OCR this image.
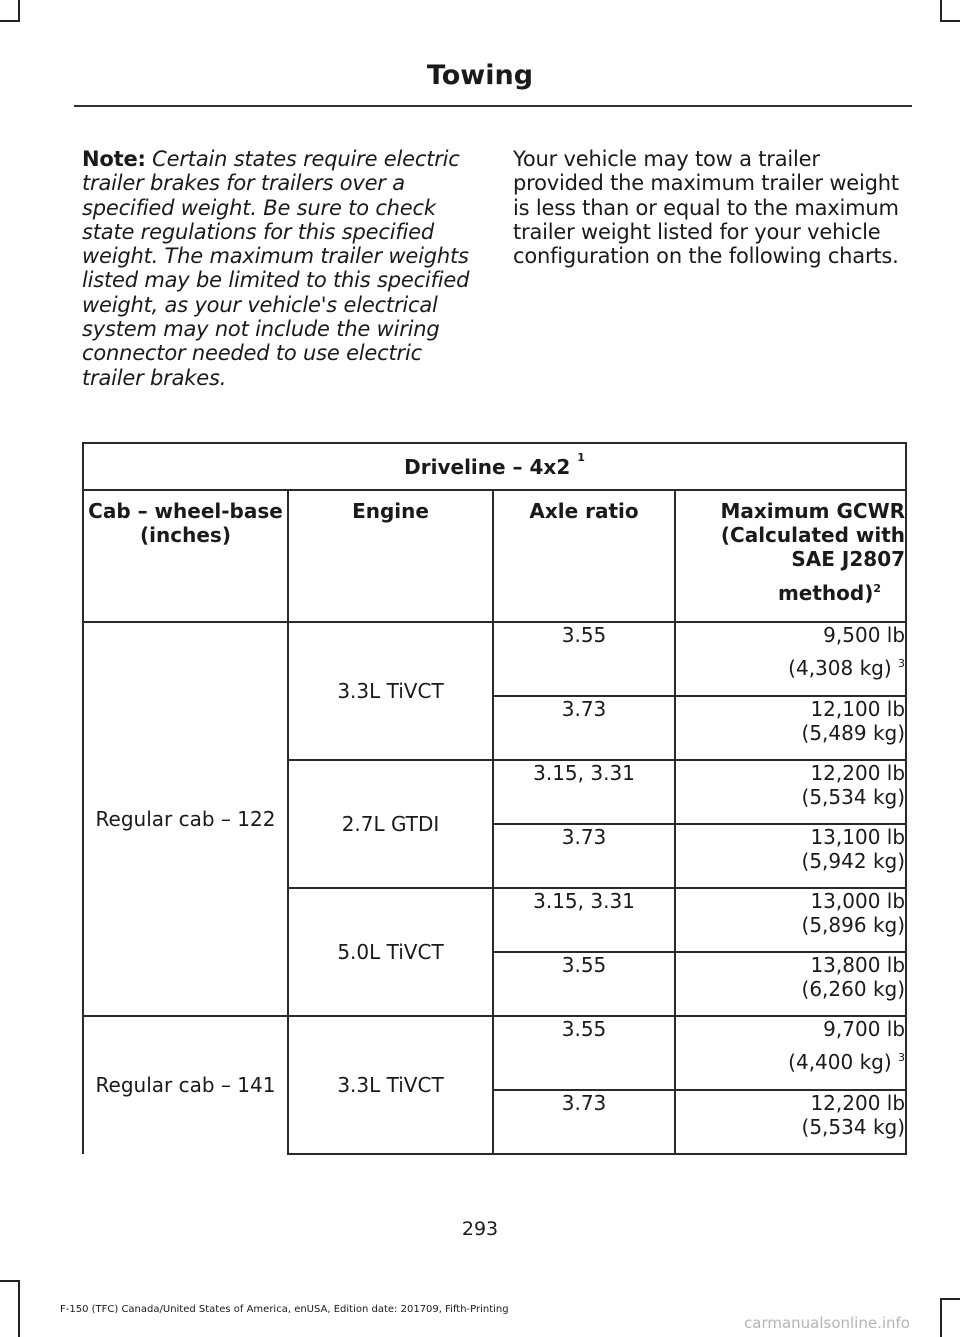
Towing
Note: Certain states require electric trailer brakes for trailers over a specified weight. Be sure to check state regulations for this specified weight. The maximum trailer weights listed may be limited to this specified weight, as your vehicle's electrical system may not include the wiring connector needed to use electric trailer brakes.
Your vehicle may tow a trailer provided the maximum trailer weight is less than or equal to the maximum trailer weight listed for your vehicle configuration on the following charts.
Driveline – 4x2 $^1$
Cab – wheel-base (inches)	Engine	Axle ratio	Maximum GCWR (Calculated with SAE J2807
method)$^2$
Regular cab – 122	3.3L TiVCT	3.55	9,500 lb
(4,308 kg) $^3$

		3.73	12,100 lb
(5,489 kg)
	2.7L GTDI	3.15, 3.31	12,200 lb
(5,534 kg)
		3.73	13,100 lb
(5,942 kg)
	5.0L TiVCT	3.15, 3.31	13,000 lb
(5,896 kg)
		3.55	13,800 lb
(6,260 kg)
Regular cab – 141	3.3L TiVCT	3.55	9,700 lb
(4,400 kg) $^3$

		3.73	12,200 lb
(5,534 kg)
293
F-150 (TFC) Canada/United States of America, enUSA, Edition date: 201709, Fifth-Printing
carmanualsonline.info
